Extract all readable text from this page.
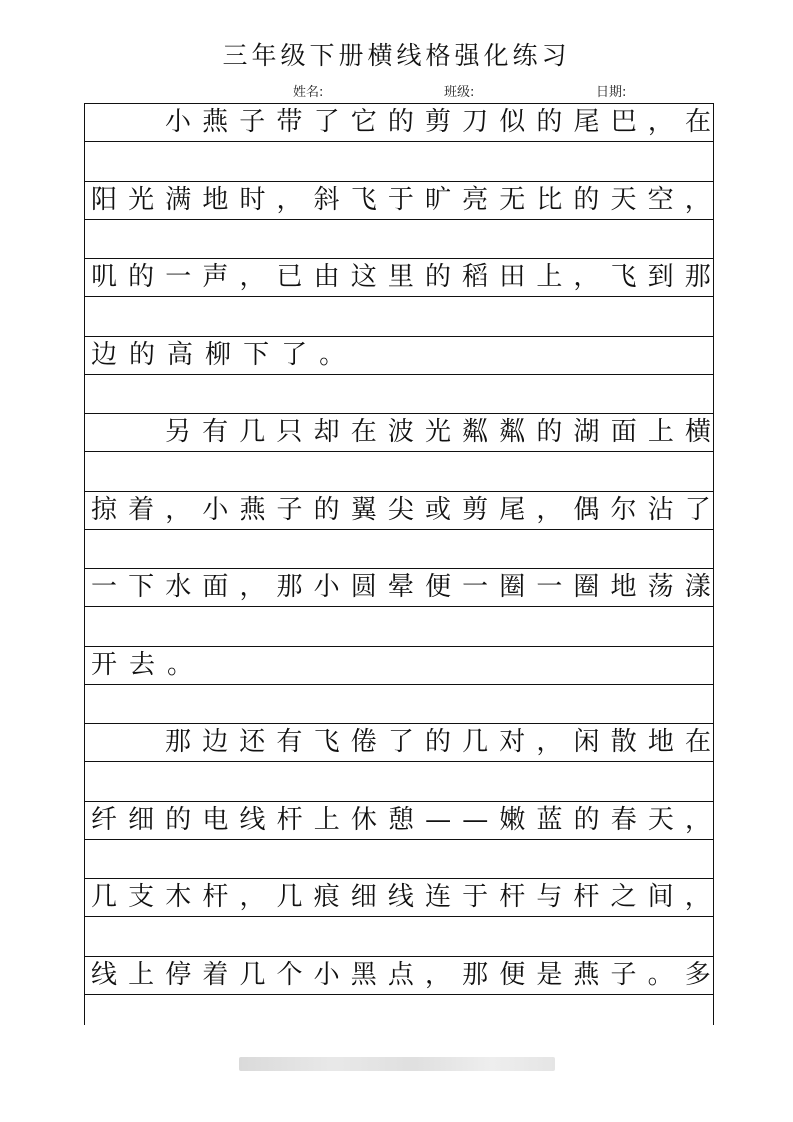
三年级下册横线格强化练习
姓名:	班级:	日期:
小 燕 子 带 了 它 的 剪 刀 似 的 尾 巴 ， 在
阳 光 满 地 时 ， 斜 飞 于 旷 亮 无 比 的 天 空 ，
叽 的 一 声 ， 已 由 这 里 的 稻 田 上 ， 飞 到 那
边 的 高 柳 下 了 。
另 有 几 只 却 在 波 光 粼 粼 的 湖 面 上 横
掠 着 ， 小 燕 子 的 翼 尖 或 剪 尾 ， 偶 尔 沾 了
一 下 水 面 ， 那 小 圆 晕 便 一 圈 一 圈 地 荡 漾
开 去 。
那 边 还 有 飞 倦 了 的 几 对 ， 闲 散 地 在
纤 细 的 电 线 杆 上 休 憩 — — 嫩 蓝 的 春 天 ，
几 支 木 杆 ， 几 痕 细 线 连 于 杆 与 杆 之 间 ，
线 上 停 着 几 个 小 黑 点 ， 那 便 是 燕 子 。 多
